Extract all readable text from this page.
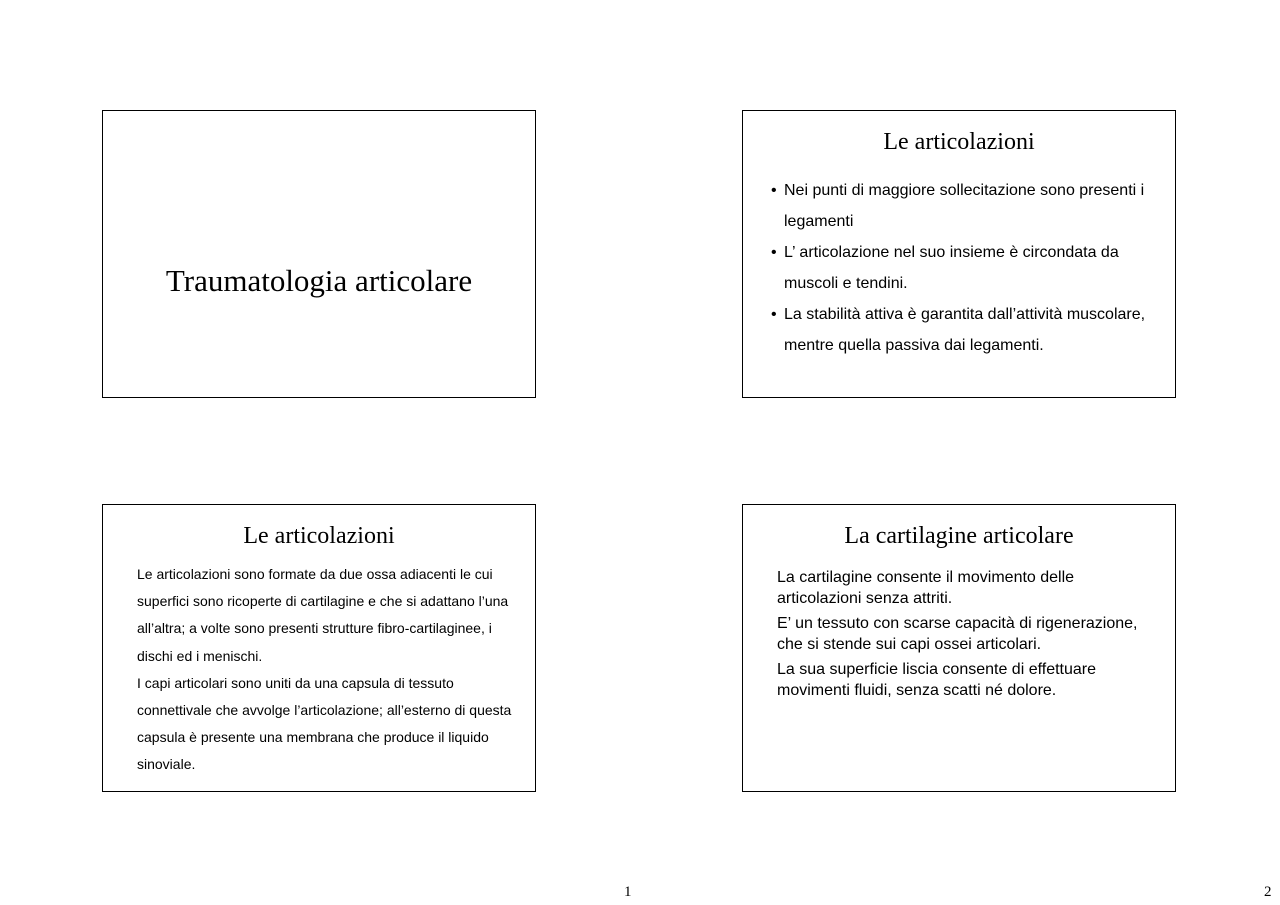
Traumatologia articolare
Le articolazioni
• Nei punti di maggiore sollecitazione sono presenti i legamenti
• L’ articolazione nel suo insieme è circondata da muscoli e tendini.
• La stabilità attiva è garantita dall’attività muscolare, mentre quella passiva dai legamenti.
Le articolazioni

Le articolazioni sono formate da due ossa adiacenti le cui superfici sono ricoperte di cartilagine e che si adattano l’una all’altra; a volte sono presenti strutture fibro-cartilaginee, i dischi ed i menischi.

I capi articolari sono uniti da una capsula di tessuto connettivale che avvolge l’articolazione; all’esterno di questa capsula è presente una membrana che produce il liquido sinoviale.

La cartilagine articolare

La cartilagine consente il movimento delle articolazioni senza attriti.

E’ un tessuto con scarse capacità di rigenerazione, che si stende sui capi ossei articolari.

La sua superficie liscia consente di effettuare movimenti fluidi, senza scatti né dolore.

1	2
